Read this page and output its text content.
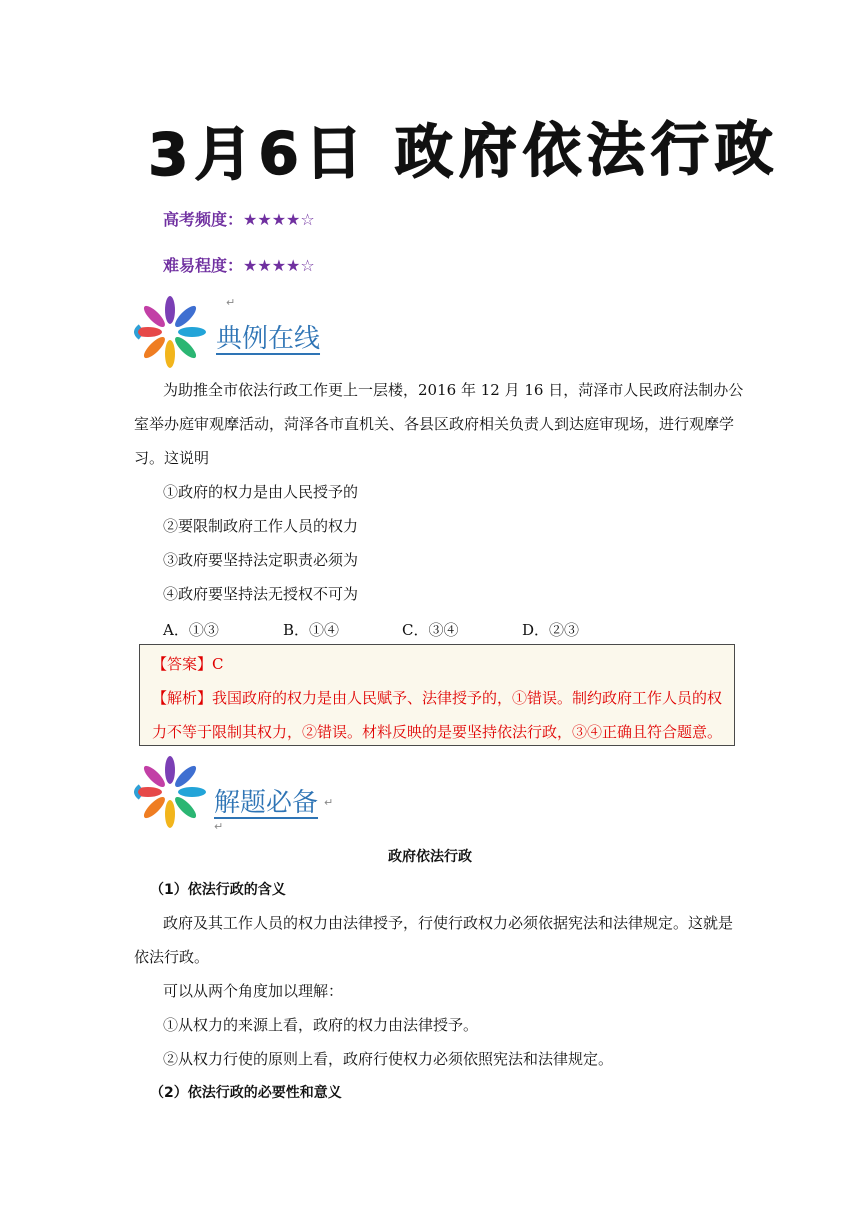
3月6日 政府依法行政
高考频度：★★★★☆
难易程度：★★★★☆
典例在线
↵
为助推全市依法行政工作更上一层楼，2016 年 12 月 16 日，菏泽市人民政府法制办公
室举办庭审观摩活动，菏泽各市直机关、各县区政府相关负责人到达庭审现场，进行观摩学
习。这说明
①政府的权力是由人民授予的
②要限制政府工作人员的权力
③政府要坚持法定职责必须为
④政府要坚持法无授权不可为
A．①③	B．①④	C．③④	D．②③
【答案】C
【解析】我国政府的权力是由人民赋予、法律授予的，①错误。制约政府工作人员的权
力不等于限制其权力，②错误。材料反映的是要坚持依法行政，③④正确且符合题意。
解题必备 ↵
↵
政府依法行政
（1）依法行政的含义
政府及其工作人员的权力由法律授予，行使行政权力必须依据宪法和法律规定。这就是
依法行政。
可以从两个角度加以理解：
①从权力的来源上看，政府的权力由法律授予。
②从权力行使的原则上看，政府行使权力必须依照宪法和法律规定。
（2）依法行政的必要性和意义
